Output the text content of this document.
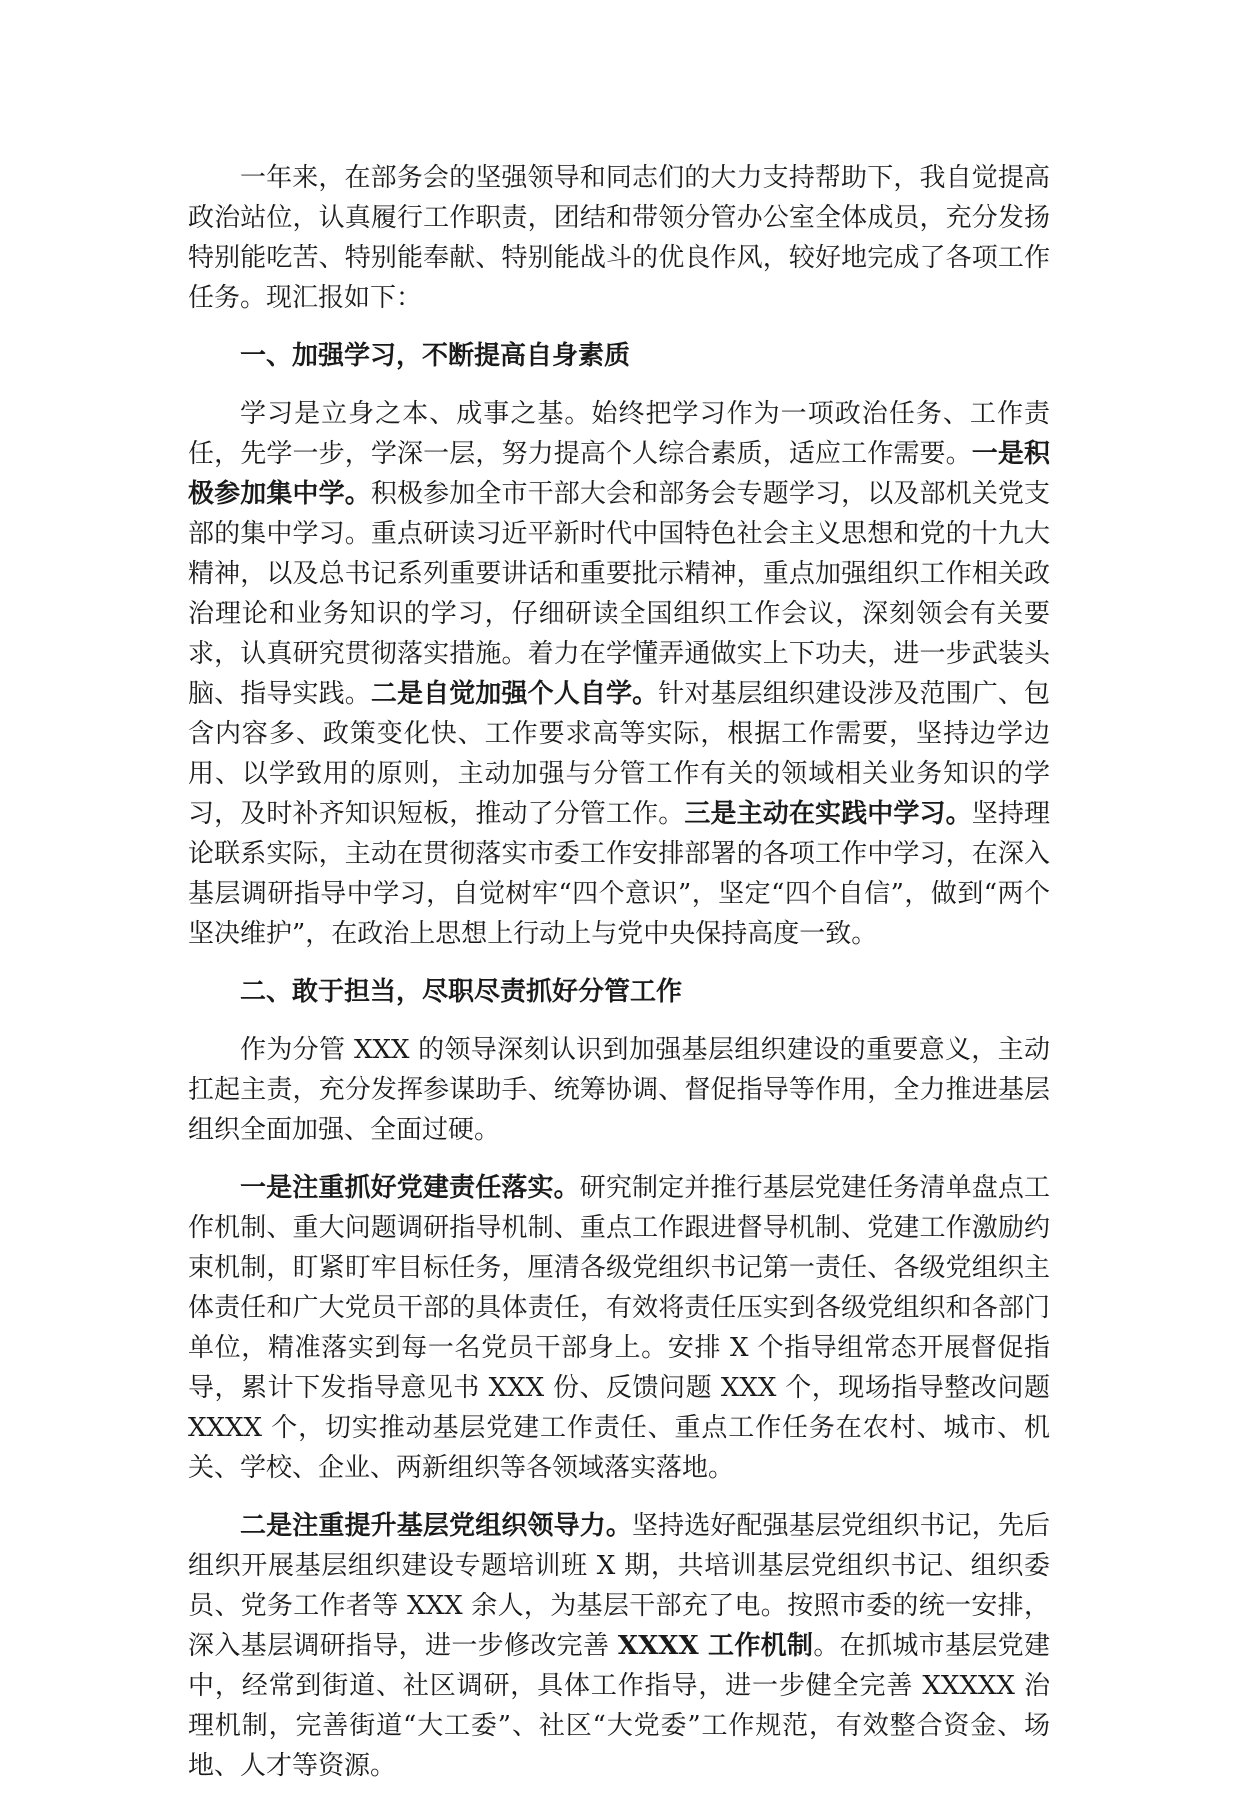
一年来，在部务会的坚强领导和同志们的大力支持帮助下，我自觉提高政治站位，认真履行工作职责，团结和带领分管办公室全体成员，充分发扬特别能吃苦、特别能奉献、特别能战斗的优良作风，较好地完成了各项工作任务。现汇报如下：

一、加强学习，不断提高自身素质

学习是立身之本、成事之基。始终把学习作为一项政治任务、工作责任，先学一步，学深一层，努力提高个人综合素质，适应工作需要。一是积极参加集中学。积极参加全市干部大会和部务会专题学习，以及部机关党支部的集中学习。重点研读习近平新时代中国特色社会主义思想和党的十九大精神，以及总书记系列重要讲话和重要批示精神，重点加强组织工作相关政治理论和业务知识的学习，仔细研读全国组织工作会议，深刻领会有关要求，认真研究贯彻落实措施。着力在学懂弄通做实上下功夫，进一步武装头脑、指导实践。二是自觉加强个人自学。针对基层组织建设涉及范围广、包含内容多、政策变化快、工作要求高等实际，根据工作需要，坚持边学边用、以学致用的原则，主动加强与分管工作有关的领域相关业务知识的学习，及时补齐知识短板，推动了分管工作。三是主动在实践中学习。坚持理论联系实际，主动在贯彻落实市委工作安排部署的各项工作中学习，在深入基层调研指导中学习，自觉树牢“四个意识”，坚定“四个自信”，做到“两个坚决维护”，在政治上思想上行动上与党中央保持高度一致。

二、敢于担当，尽职尽责抓好分管工作

作为分管 XXX 的领导深刻认识到加强基层组织建设的重要意义，主动扛起主责，充分发挥参谋助手、统筹协调、督促指导等作用，全力推进基层组织全面加强、全面过硬。

一是注重抓好党建责任落实。研究制定并推行基层党建任务清单盘点工作机制、重大问题调研指导机制、重点工作跟进督导机制、党建工作激励约束机制，盯紧盯牢目标任务，厘清各级党组织书记第一责任、各级党组织主体责任和广大党员干部的具体责任，有效将责任压实到各级党组织和各部门单位，精准落实到每一名党员干部身上。安排 X 个指导组常态开展督促指导，累计下发指导意见书 XXX 份、反馈问题 XXX 个，现场指导整改问题 XXXX 个，切实推动基层党建工作责任、重点工作任务在农村、城市、机关、学校、企业、两新组织等各领域落实落地。

二是注重提升基层党组织领导力。坚持选好配强基层党组织书记，先后组织开展基层组织建设专题培训班 X 期，共培训基层党组织书记、组织委员、党务工作者等 XXX 余人，为基层干部充了电。按照市委的统一安排，深入基层调研指导，进一步修改完善 XXXX 工作机制。在抓城市基层党建中，经常到街道、社区调研，具体工作指导，进一步健全完善 XXXXX 治理机制，完善街道“大工委”、社区“大党委”工作规范，有效整合资金、场地、人才等资源。
